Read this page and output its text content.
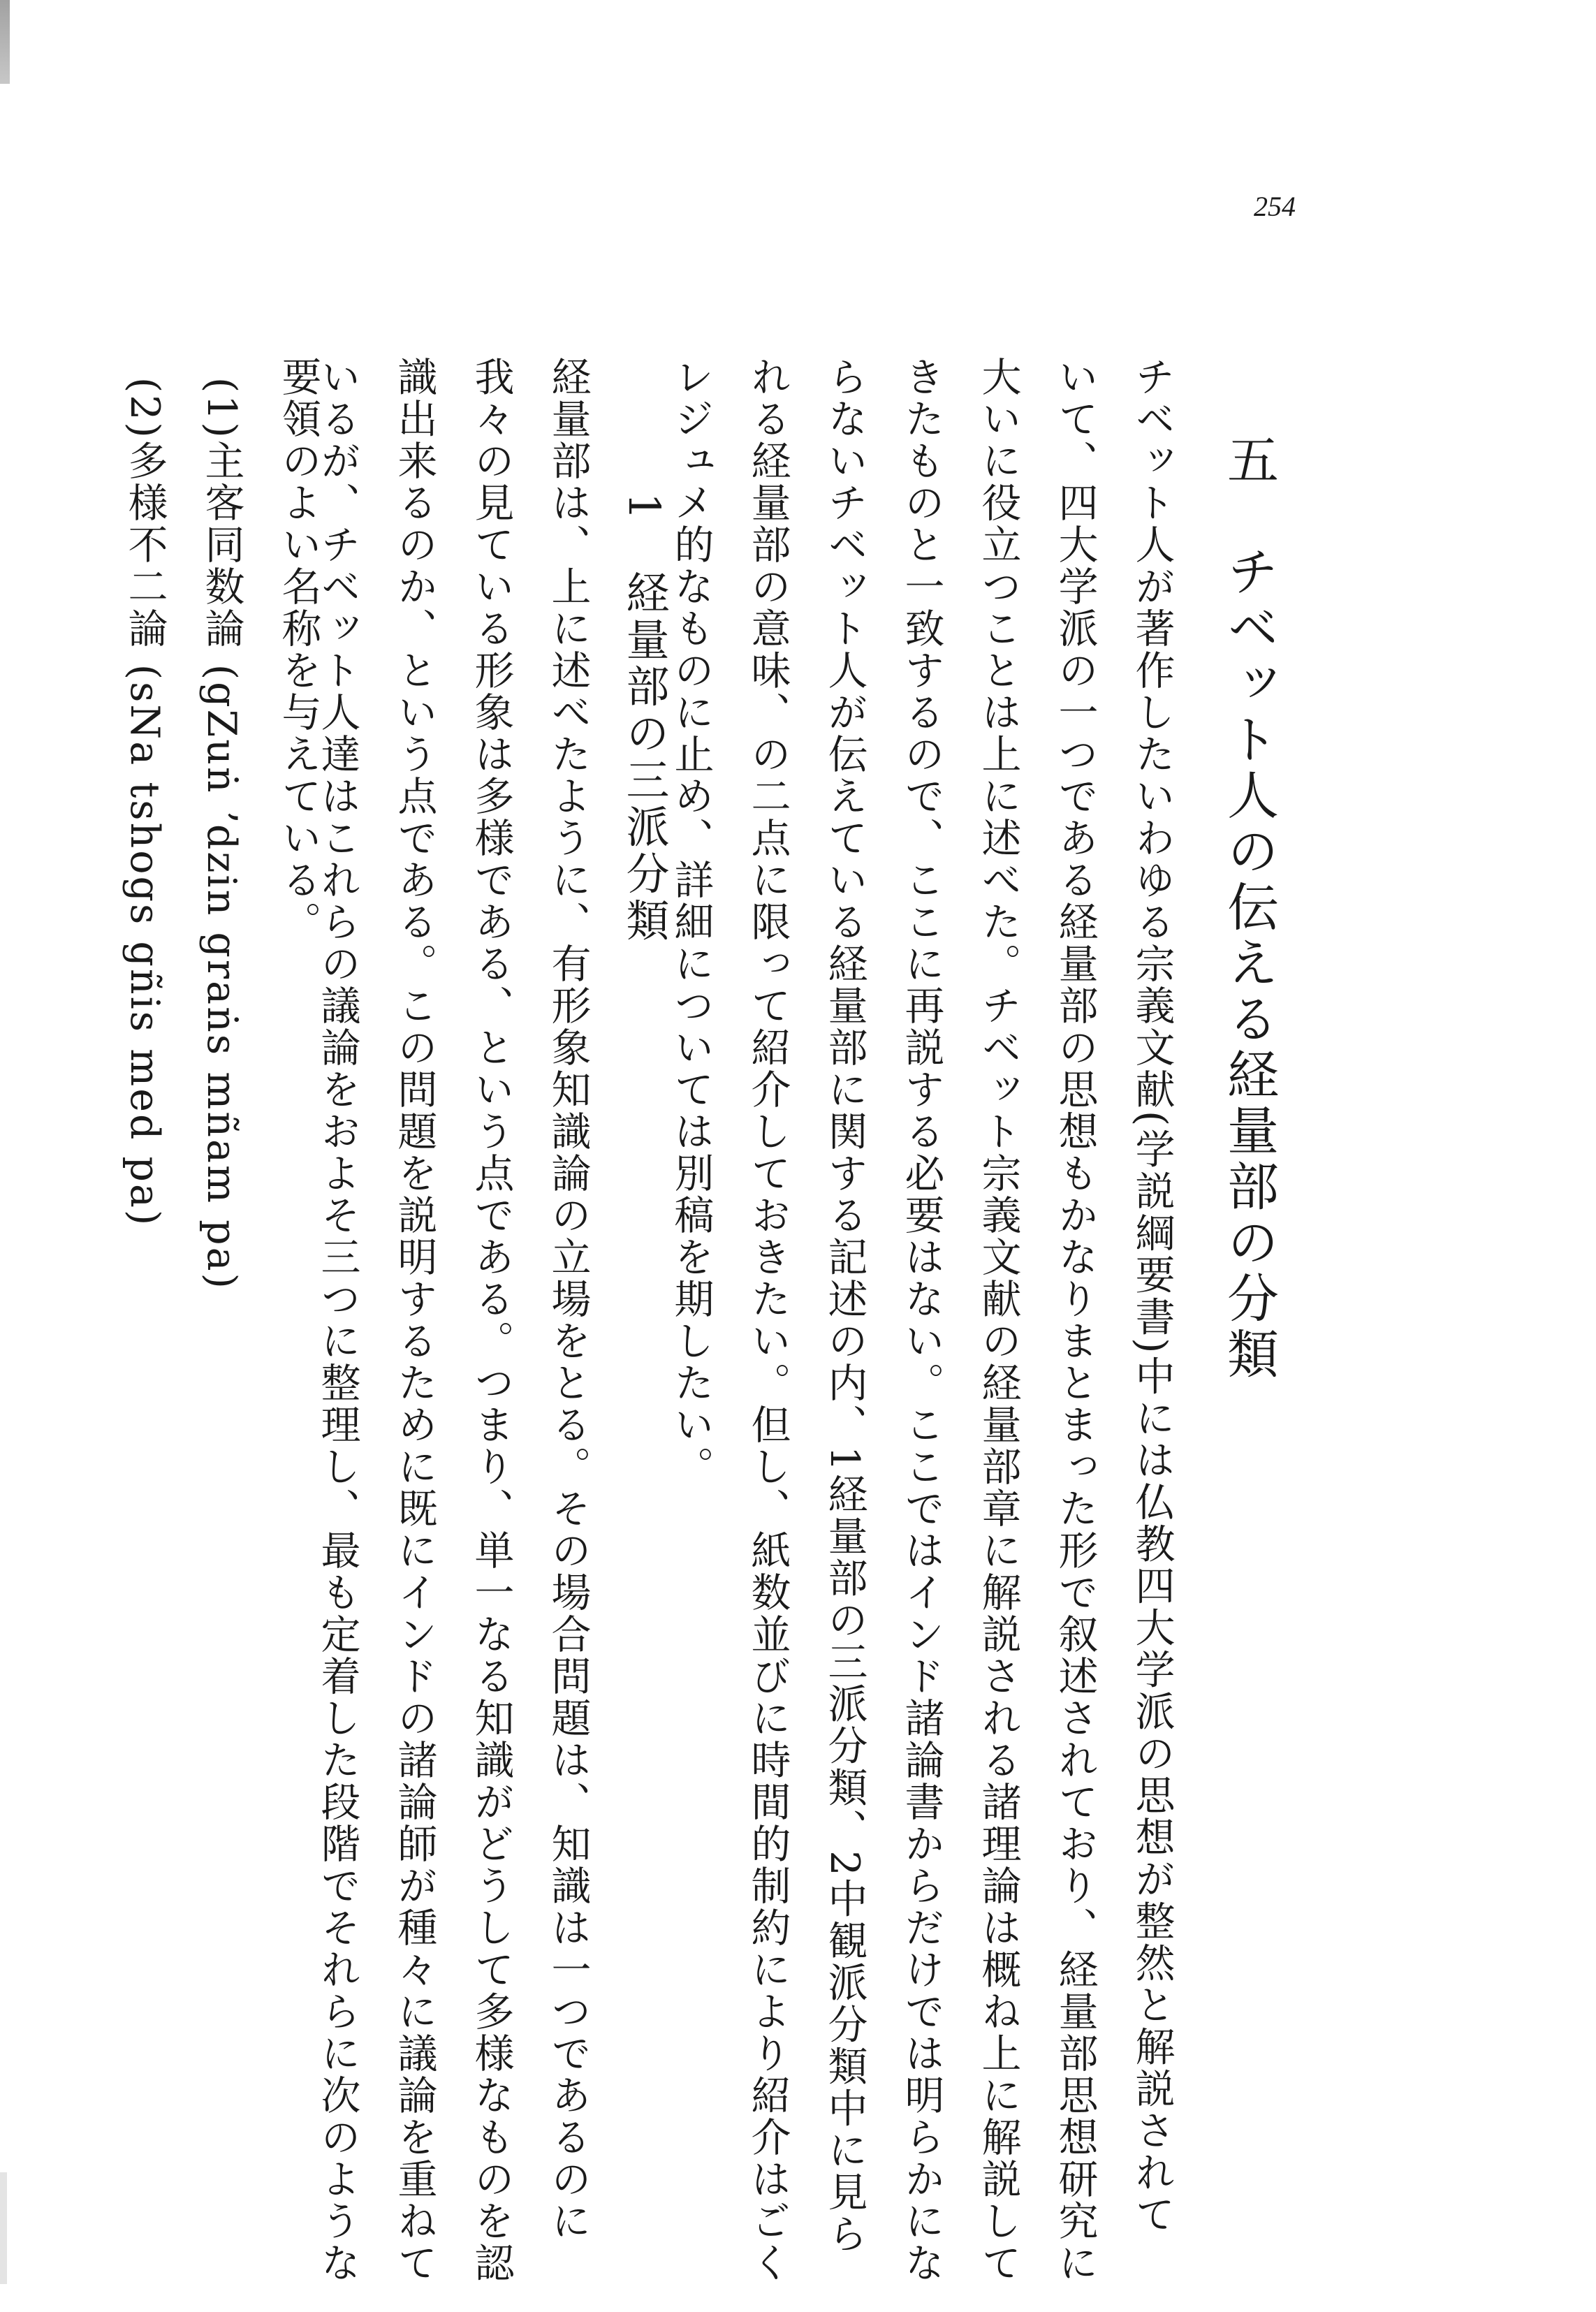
254
五　チベット人の伝える経量部の分類
チベット人が著作したいわゆる宗義文献(学説綱要書)中には仏教四大学派の思想が整然と解説されて
いて、四大学派の一つである経量部の思想もかなりまとまった形で叙述されており、経量部思想研究に
大いに役立つことは上に述べた。チベット宗義文献の経量部章に解説される諸理論は概ね上に解説して
きたものと一致するので、ここに再説する必要はない。ここではインド諸論書からだけでは明らかにな
らないチベット人が伝えている経量部に関する記述の内、1経量部の三派分類、2中観派分類中に見ら
れる経量部の意味、の二点に限って紹介しておきたい。但し、紙数並びに時間的制約により紹介はごく
レジュメ的なものに止め、詳細については別稿を期したい。
1　経量部の三派分類
経量部は、上に述べたように、有形象知識論の立場をとる。その場合問題は、知識は一つであるのに
我々の見ている形象は多様である、という点である。つまり、単一なる知識がどうして多様なものを認
識出来るのか、という点である。この問題を説明するために既にインドの諸論師が種々に議論を重ねて
いるが、チベット人達はこれらの議論をおよそ三つに整理し、最も定着した段階でそれらに次のような
要領のよい名称を与えている。
(1)主客同数論 (gZuṅ ʼdzin graṅs mñam pa)
(2)多様不二論 (sNa tshogs gñis med pa)
